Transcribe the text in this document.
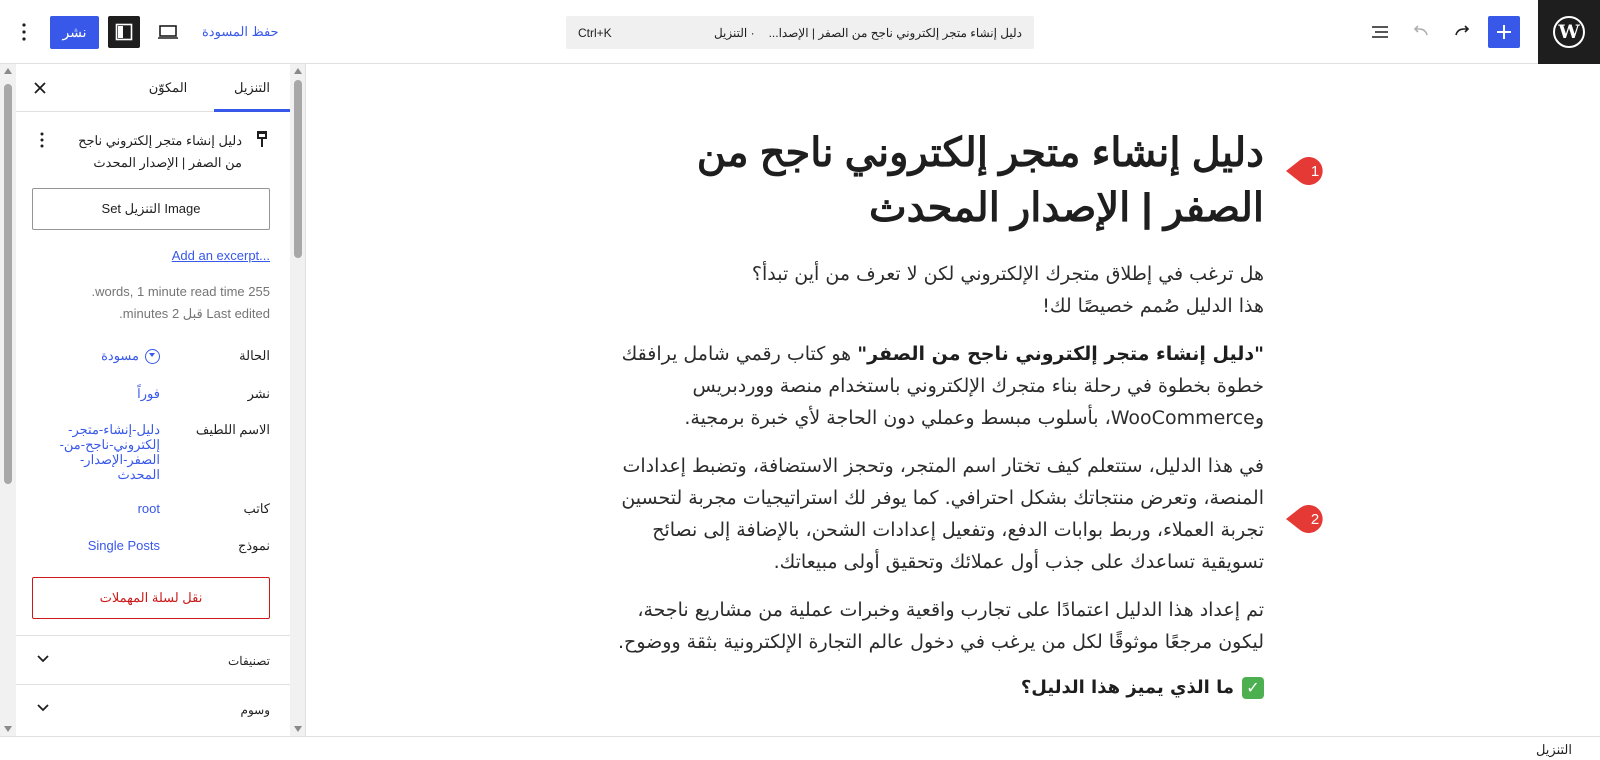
W
دليل إنشاء متجر إلكتروني ناجح من الصفر | الإصدا...
· التنزيل
Ctrl+K
حفظ المسودة
نشر
التنزيل
المكوّن
دليل إنشاء متجر إلكتروني ناجح من الصفر | الإصدار المحدث
Set التنزيل Image
Add an excerpt...
255 words, 1 minute read time.
Last edited قبل 2 minutes.
الحالة
مسودة
نشر
فوراً
الاسم اللطيف
دليل-إنشاء-متجر-إلكتروني-ناجح-من-الصفر-الإصدار-المحدث
كاتب
root
نموذج
Single Posts
نقل لسلة المهملات
تصنيفات
وسوم
دليل إنشاء متجر إلكتروني ناجح من الصفر | الإصدار المحدث

هل ترغب في إطلاق متجرك الإلكتروني لكن لا تعرف من أين تبدأ؟
هذا الدليل صُمم خصيصًا لك!

"دليل إنشاء متجر إلكتروني ناجح من الصفر" هو كتاب رقمي شامل يرافقك خطوة بخطوة في رحلة بناء متجرك الإلكتروني باستخدام منصة ووردبريس وWooCommerce، بأسلوب مبسط وعملي دون الحاجة لأي خبرة برمجية.

في هذا الدليل، ستتعلم كيف تختار اسم المتجر، وتحجز الاستضافة، وتضبط إعدادات المنصة، وتعرض منتجاتك بشكل احترافي. كما يوفر لك استراتيجيات مجربة لتحسين تجربة العملاء، وربط بوابات الدفع، وتفعيل إعدادات الشحن، بالإضافة إلى نصائح تسويقية تساعدك على جذب أول عملائك وتحقيق أولى مبيعاتك.

تم إعداد هذا الدليل اعتمادًا على تجارب واقعية وخبرات عملية من مشاريع ناجحة، ليكون مرجعًا موثوقًا لكل من يرغب في دخول عالم التجارة الإلكترونية بثقة ووضوح.

✓ما الذي يميز هذا الدليل؟
1
2
التنزيل
